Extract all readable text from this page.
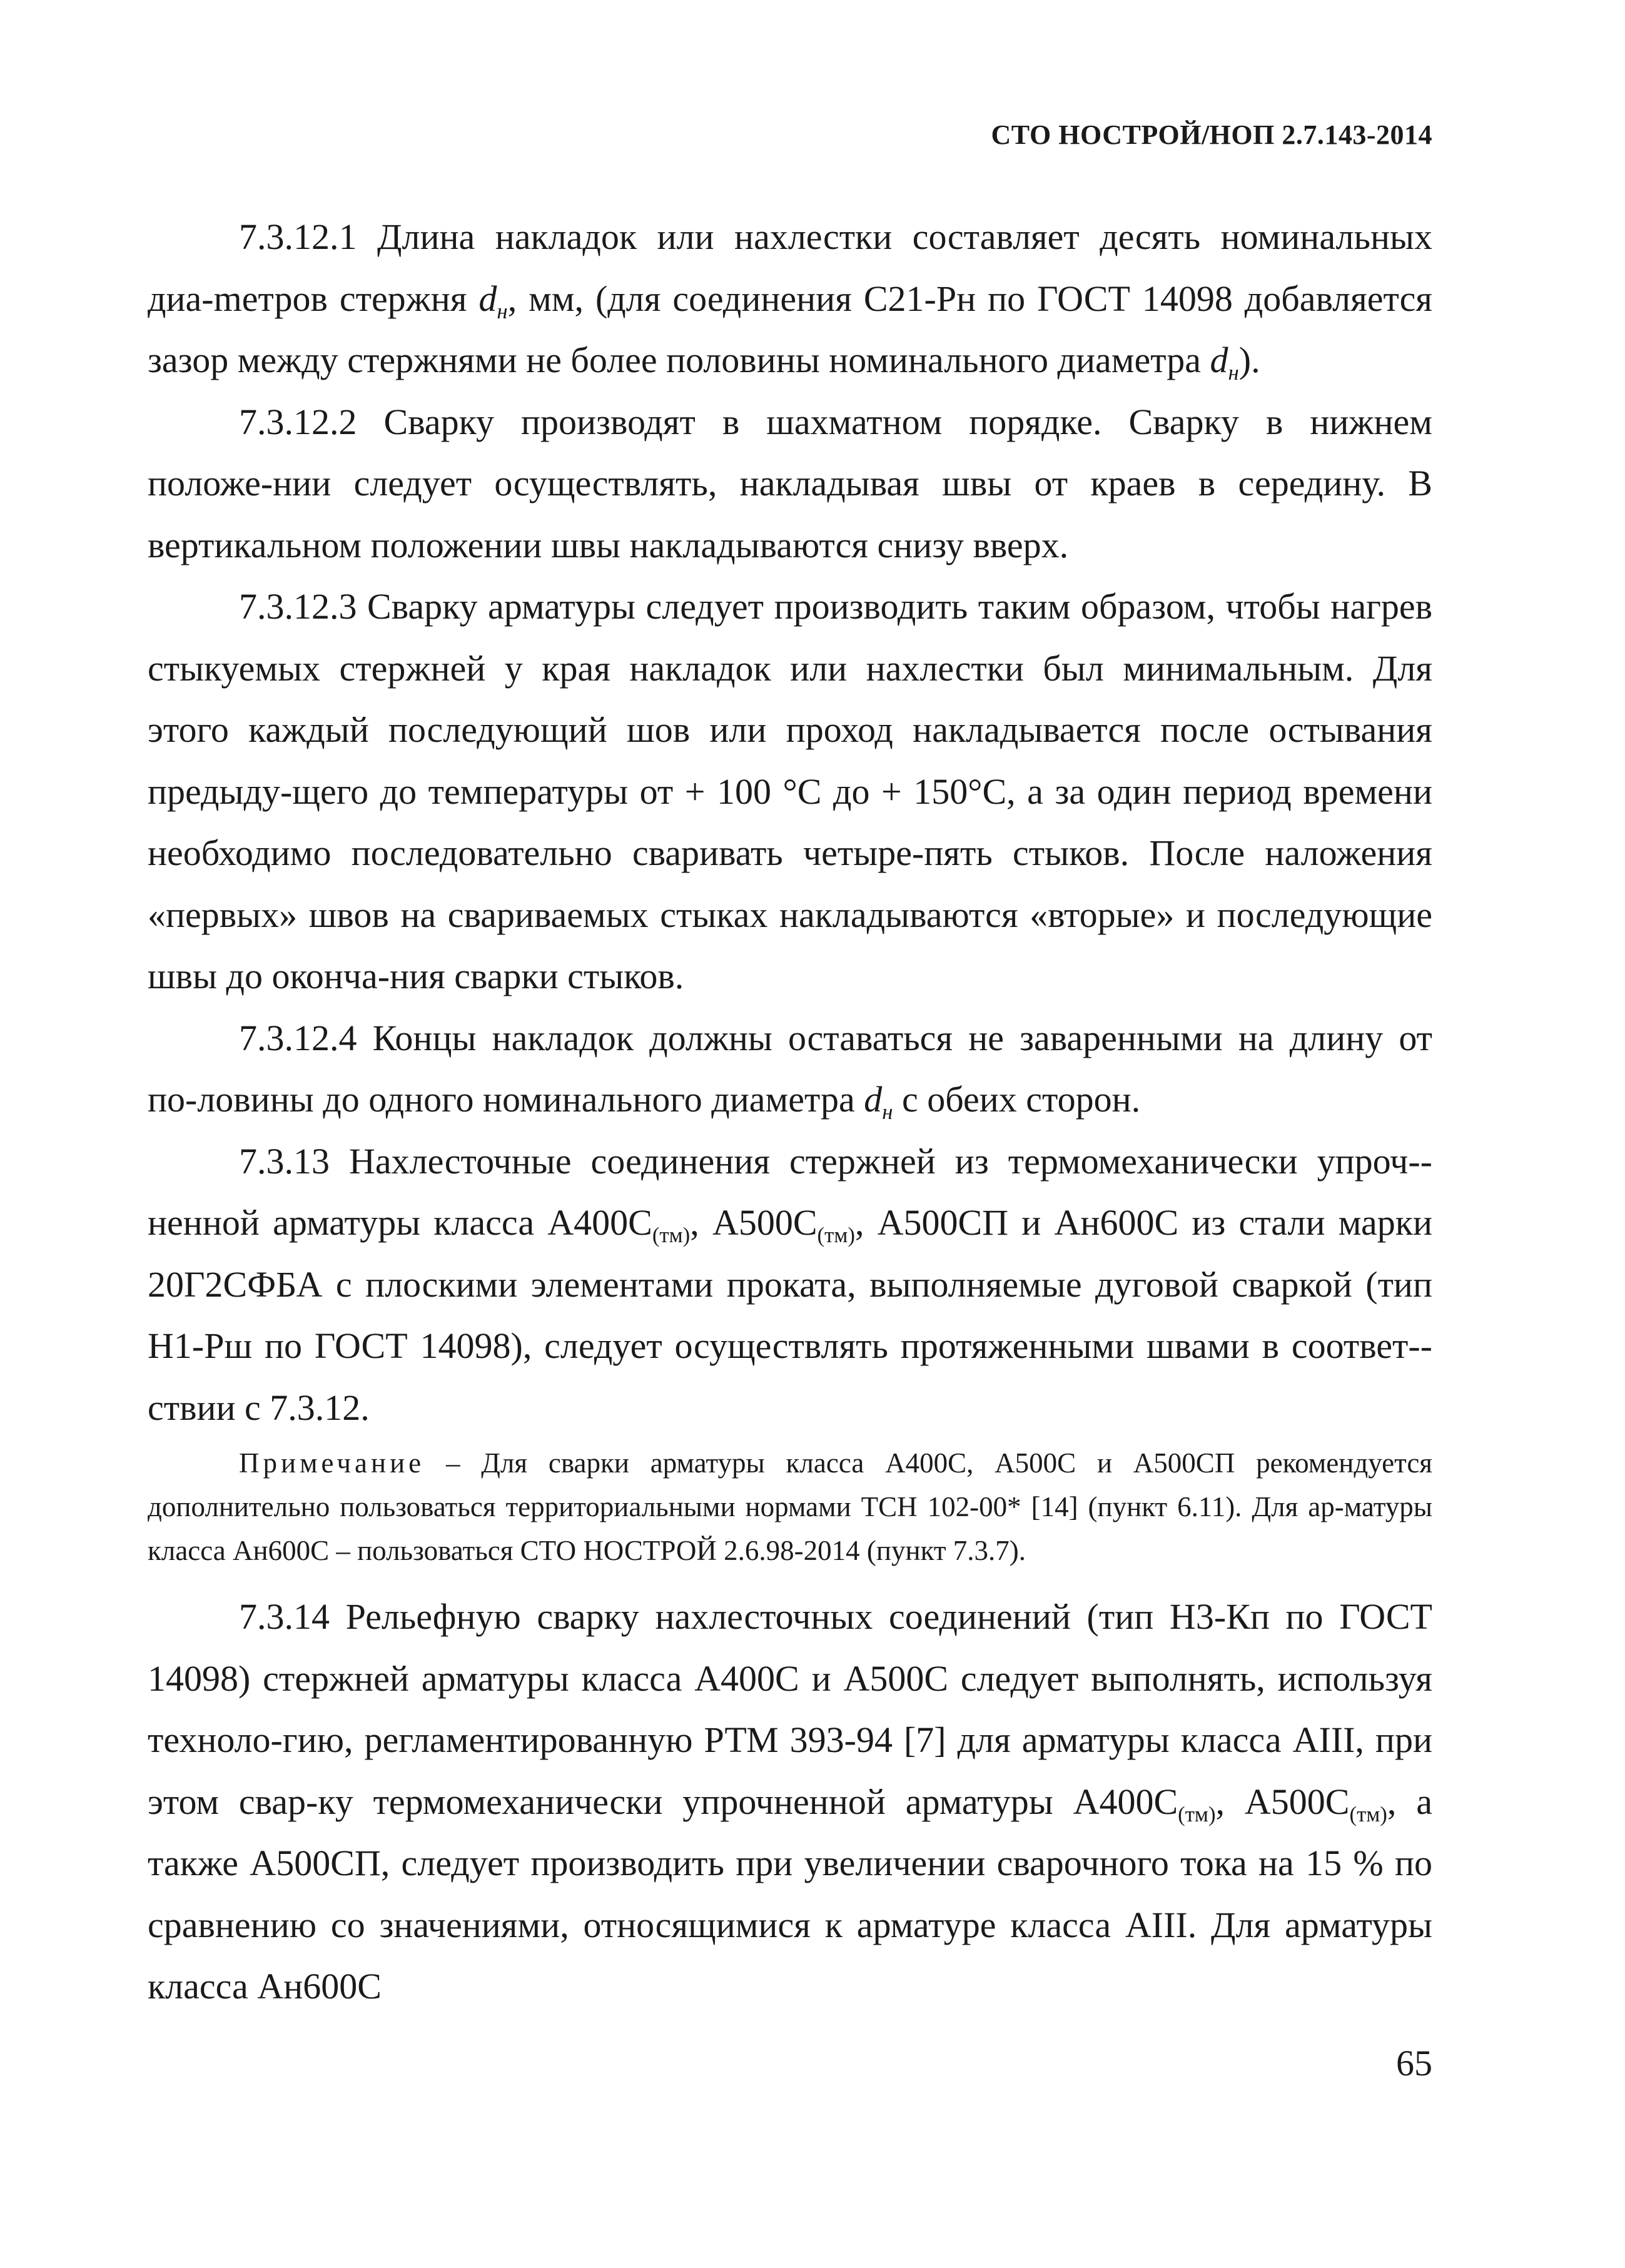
СТО НОСТРОЙ/НОП 2.7.143-2014

7.3.12.1 Длина накладок или нахлестки составляет десять номинальных диа-mетров стержня $d_н$, мм, (для соединения С21-Рн по ГОСТ 14098 добавляется зазор между стержнями не более половины номинального диаметра $d_н$).

7.3.12.2 Сварку производят в шахматном порядке. Сварку в нижнем положе-нии следует осуществлять, накладывая швы от краев в середину. В вертикальном положении швы накладываются снизу вверх.

7.3.12.3 Сварку арматуры следует производить таким образом, чтобы нагрев стыкуемых стержней у края накладок или нахлестки был минимальным. Для этого каждый последующий шов или проход накладывается после остывания предыду-щего до температуры от + 100 °С до + 150°С, а за один период времени необходимо последовательно сваривать четыре-пять стыков. После наложения «первых» швов на свариваемых стыках накладываются «вторые» и последующие швы до оконча-ния сварки стыков.

7.3.12.4 Концы накладок должны оставаться не заваренными на длину от по-ловины до одного номинального диаметра $d_н$ с обеих сторон.

7.3.13 Нахлесточные соединения стержней из термомеханически упроч-ненной арматуры класса $А400С_{(тм)}$, $А500С_{(тм)}$, А500СП и Ан600С из стали марки 20Г2СФБА с плоскими элементами проката, выполняемые дуговой сваркой (тип Н1-Рш по ГОСТ 14098), следует осуществлять протяженными швами в соответ-ствии с 7.3.12.

Примечание – Для сварки арматуры класса А400С, А500С и А500СП рекомендуется дополнительно пользоваться территориальными нормами ТСН 102-00* [14] (пункт 6.11). Для ар-матуры класса Ан600С – пользоваться СТО НОСТРОЙ 2.6.98-2014 (пункт 7.3.7).

7.3.14 Рельефную сварку нахлесточных соединений (тип Н3-Кп по ГОСТ 14098) стержней арматуры класса А400С и А500С следует выполнять, используя техноло-гию, регламентированную РТМ 393-94 [7] для арматуры класса АIII, при этом свар-ку термомеханически упрочненной арматуры $А400С_{(тм)}$, $А500С_{(тм)}$, а также А500СП, следует производить при увеличении сварочного тока на 15 % по сравнению со значениями, относящимися к арматуре класса АIII. Для арматуры класса Ан600С

65
